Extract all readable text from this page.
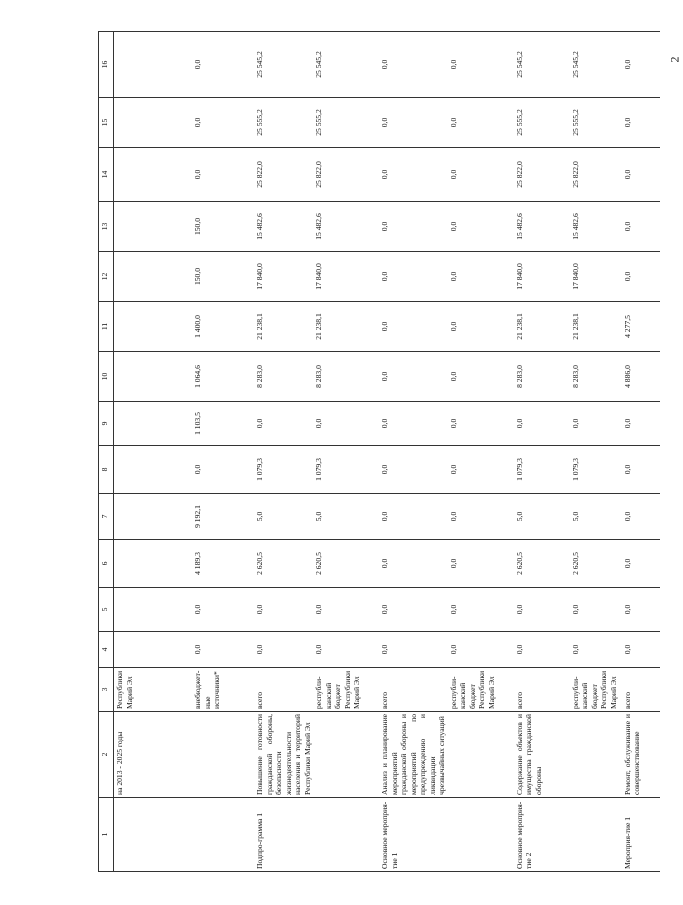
2
1	2	3	4	5	6	7	8	9	10	11	12	13	14	15	16
	на 2013 - 2025 годы	Республики Марий Эл													
		внебюджет-ные источники*	0,0	0,0	4 189,3	9 192,1	0,0	1 103,5	1 064,6	1 400,0	150,0	150,0	0,0	0,0	0,0
Подпро-грамма 1	Повышение готовности гражданской обороны, безопасности жизнедеятельности населения и территорий Республики Марий Эл	всего	0,0	0,0	2 620,5	5,0	1 079,3	0,0	8 283,0	21 238,1	17 840,0	15 482,6	25 822,0	25 555,2	25 545,2
		республи-канский бюджет Республики Марий Эл	0,0	0,0	2 620,5	5,0	1 079,3	0,0	8 283,0	21 238,1	17 840,0	15 482,6	25 822,0	25 555,2	25 545,2
Основное мероприя-тие 1	Анализ и планирование мероприятий гражданской обороны и мероприятий по предупреждению и ликвидации чрезвычайных ситуаций	всего	0,0	0,0	0,0	0,0	0,0	0,0	0,0	0,0	0,0	0,0	0,0	0,0	0,0
		республи-канский бюджет Республики Марий Эл	0,0	0,0	0,0	0,0	0,0	0,0	0,0	0,0	0,0	0,0	0,0	0,0	0,0
Основное мероприя-тие 2	Содержание объектов и имущества гражданской обороны	всего	0,0	0,0	2 620,5	5,0	1 079,3	0,0	8 283,0	21 238,1	17 840,0	15 482,6	25 822,0	25 555,2	25 545,2
		республи-канский бюджет Республики Марий Эл	0,0	0,0	2 620,5	5,0	1 079,3	0,0	8 283,0	21 238,1	17 840,0	15 482,6	25 822,0	25 555,2	25 545,2
Мероприя-тие 1	Ремонт, обслуживание и совершенствование	всего	0,0	0,0	0,0	0,0	0,0	0,0	4 886,0	4 277,5	0,0	0,0	0,0	0,0	0,0
